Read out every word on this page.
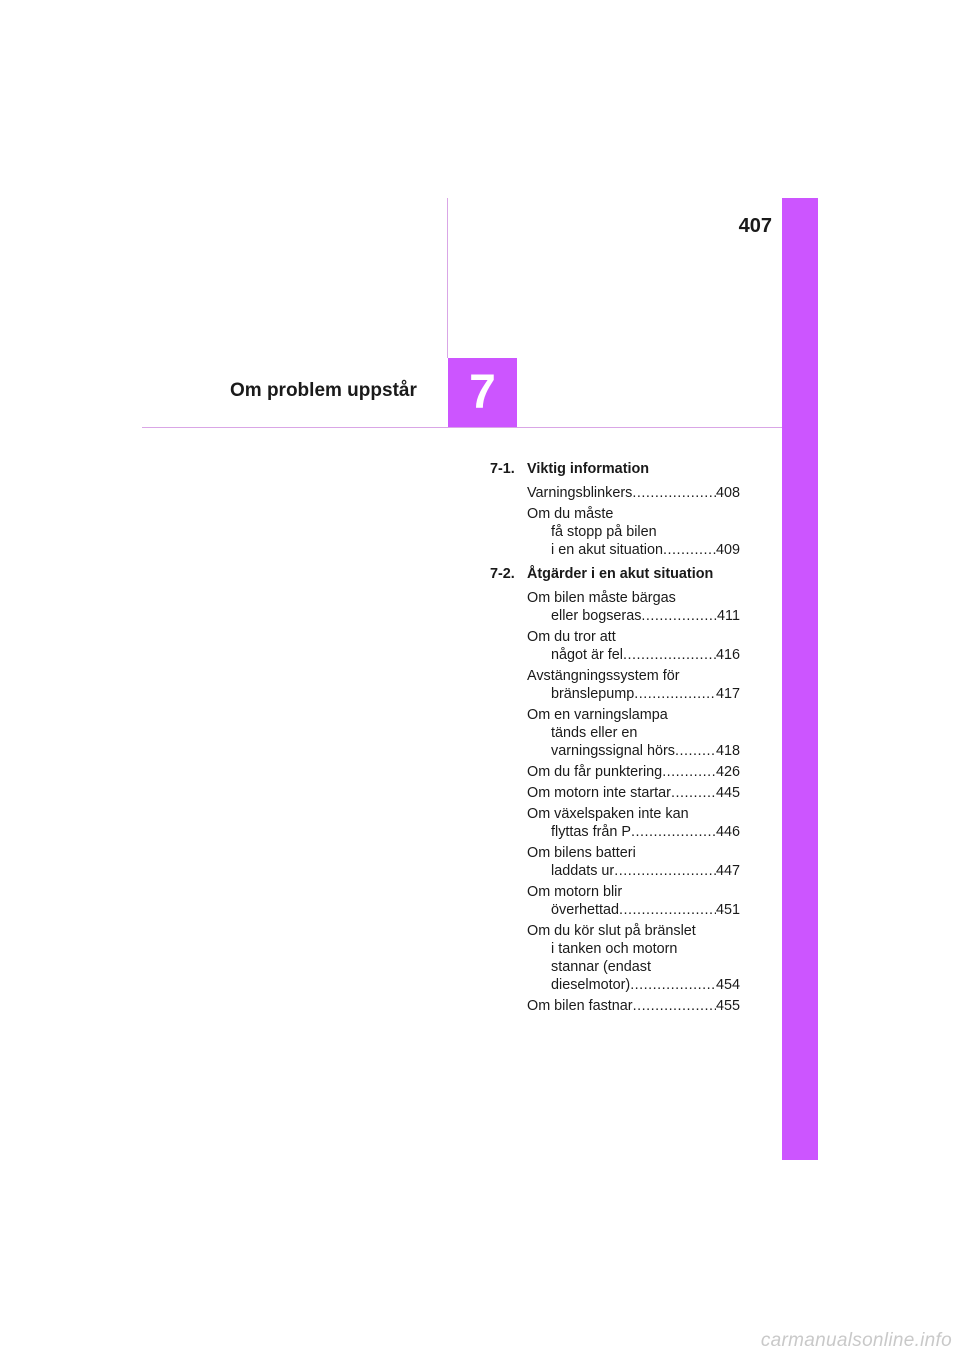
407
Om problem uppstår 7
7-1. Viktig information
Varningsblinkers .....	408
Om du måste
få stopp på bilen
i en akut situation .....	409
7-2. Åtgärder i en akut situation
Om bilen måste bärgas
eller bogseras .....	411
Om du tror att
något är fel .....	416
Avstängningssystem för
bränslepump .....	417
Om en varningslampa
tänds eller en
varningssignal hörs .....	418
Om du får punktering .....	426
Om motorn inte startar .....	445
Om växelspaken inte kan
flyttas från P .....	446
Om bilens batteri
laddats ur .....	447
Om motorn blir
överhettad .....	451
Om du kör slut på bränslet
i tanken och motorn
stannar (endast
dieselmotor) .....	454
Om bilen fastnar .....	455
carmanualsonline.info
